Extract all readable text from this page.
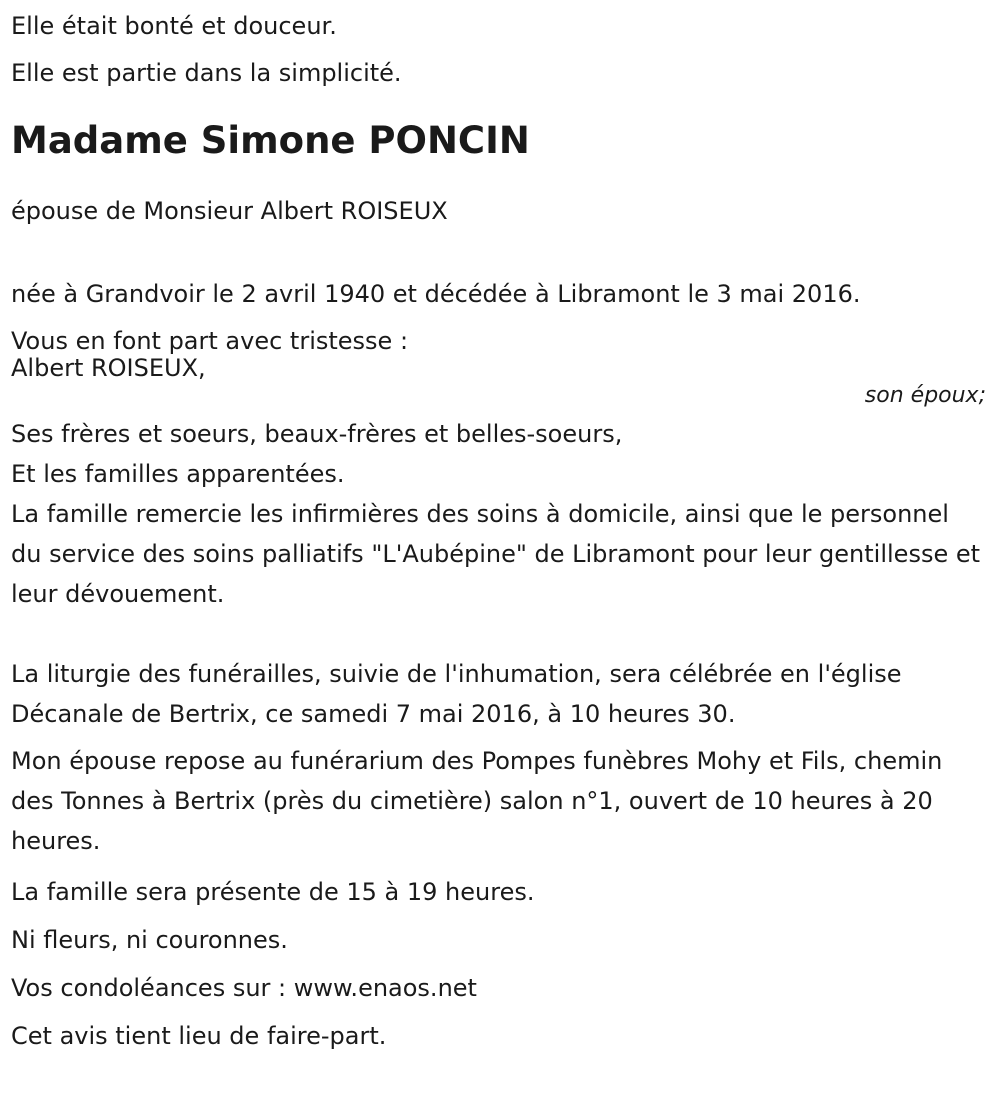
Elle était bonté et douceur.

Elle est partie dans la simplicité.

Madame Simone PONCIN

épouse de Monsieur Albert ROISEUX

née à Grandvoir le 2 avril 1940 et décédée à Libramont le 3 mai 2016.

Vous en font part avec tristesse :

Albert ROISEUX,

son époux;

Ses frères et soeurs, beaux-frères et belles-soeurs,

Et les familles apparentées.

La famille remercie les infirmières des soins à domicile, ainsi que le personnel du service des soins palliatifs "L'Aubépine" de Libramont pour leur gentillesse et leur dévouement.

La liturgie des funérailles, suivie de l'inhumation, sera célébrée en l'église Décanale de Bertrix, ce samedi 7 mai 2016, à 10 heures 30.

Mon épouse repose au funérarium des Pompes funèbres Mohy et Fils, chemin des Tonnes à Bertrix (près du cimetière) salon n°1, ouvert de 10 heures à 20 heures.

La famille sera présente de 15 à 19 heures.

Ni fleurs, ni couronnes.

Vos condoléances sur : www.enaos.net

Cet avis tient lieu de faire-part.
